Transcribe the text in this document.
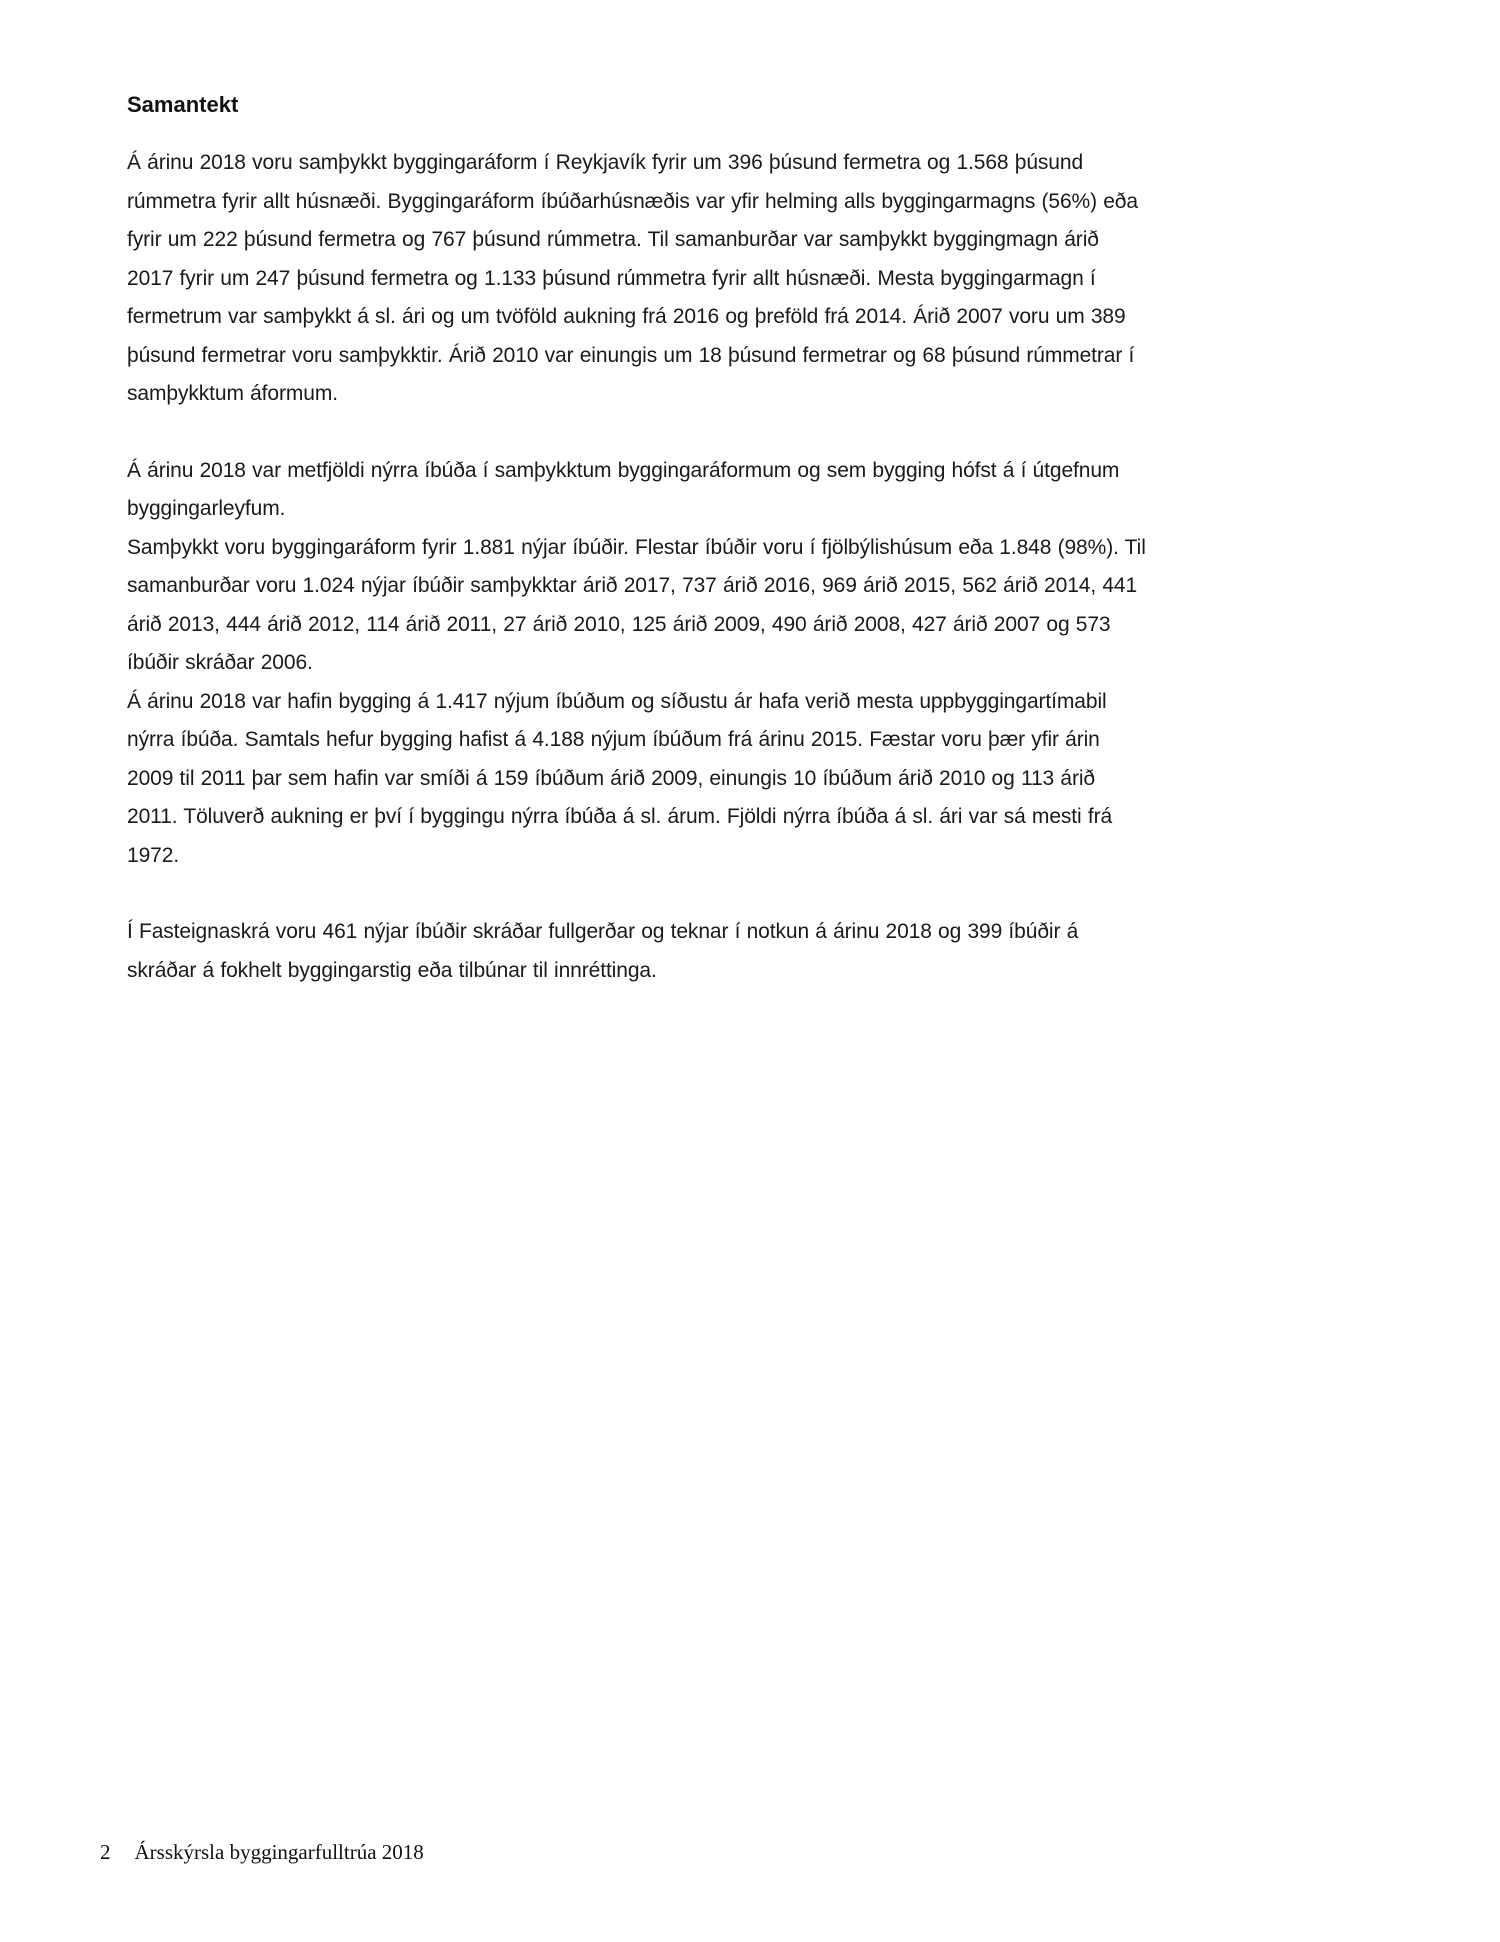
Samantekt

Á árinu 2018 voru samþykkt byggingaráform í Reykjavík fyrir um 396 þúsund fermetra og 1.568 þúsund rúmmetra fyrir allt húsnæði. Byggingaráform íbúðarhúsnæðis var yfir helming alls byggingarmagns (56%) eða fyrir um 222 þúsund fermetra og 767 þúsund rúmmetra. Til samanburðar var samþykkt byggingmagn árið 2017 fyrir um 247 þúsund fermetra og 1.133 þúsund rúmmetra fyrir allt húsnæði. Mesta byggingarmagn í fermetrum var samþykkt á sl. ári og um tvöföld aukning frá 2016 og þreföld frá 2014. Árið 2007 voru um 389 þúsund fermetrar voru samþykktir. Árið 2010 var einungis um 18 þúsund fermetrar og 68 þúsund rúmmetrar í samþykktum áformum.

Á árinu 2018 var metfjöldi nýrra íbúða í samþykktum byggingaráformum og sem bygging hófst á í útgefnum byggingarleyfum.

Samþykkt voru byggingaráform fyrir 1.881 nýjar íbúðir. Flestar íbúðir voru í fjölbýlishúsum eða 1.848 (98%). Til samanburðar voru 1.024 nýjar íbúðir samþykktar árið 2017, 737 árið 2016, 969 árið 2015, 562 árið 2014, 441 árið 2013, 444 árið 2012, 114 árið 2011, 27 árið 2010, 125 árið 2009, 490 árið 2008, 427 árið 2007 og 573 íbúðir skráðar 2006.

Á árinu 2018 var hafin bygging á 1.417 nýjum íbúðum og síðustu ár hafa verið mesta uppbyggingartímabil nýrra íbúða. Samtals hefur bygging hafist á 4.188 nýjum íbúðum frá árinu 2015. Fæstar voru þær yfir árin 2009 til 2011 þar sem hafin var smíði á 159 íbúðum árið 2009, einungis 10 íbúðum árið 2010 og 113 árið 2011. Töluverð aukning er því í byggingu nýrra íbúða á sl. árum. Fjöldi nýrra íbúða á sl. ári var sá mesti frá 1972.

Í Fasteignaskrá voru 461 nýjar íbúðir skráðar fullgerðar og teknar í notkun á árinu 2018 og 399 íbúðir á skráðar á fokhelt byggingarstig eða tilbúnar til innréttinga.

2 Ársskýrsla byggingarfulltrúa 2018
